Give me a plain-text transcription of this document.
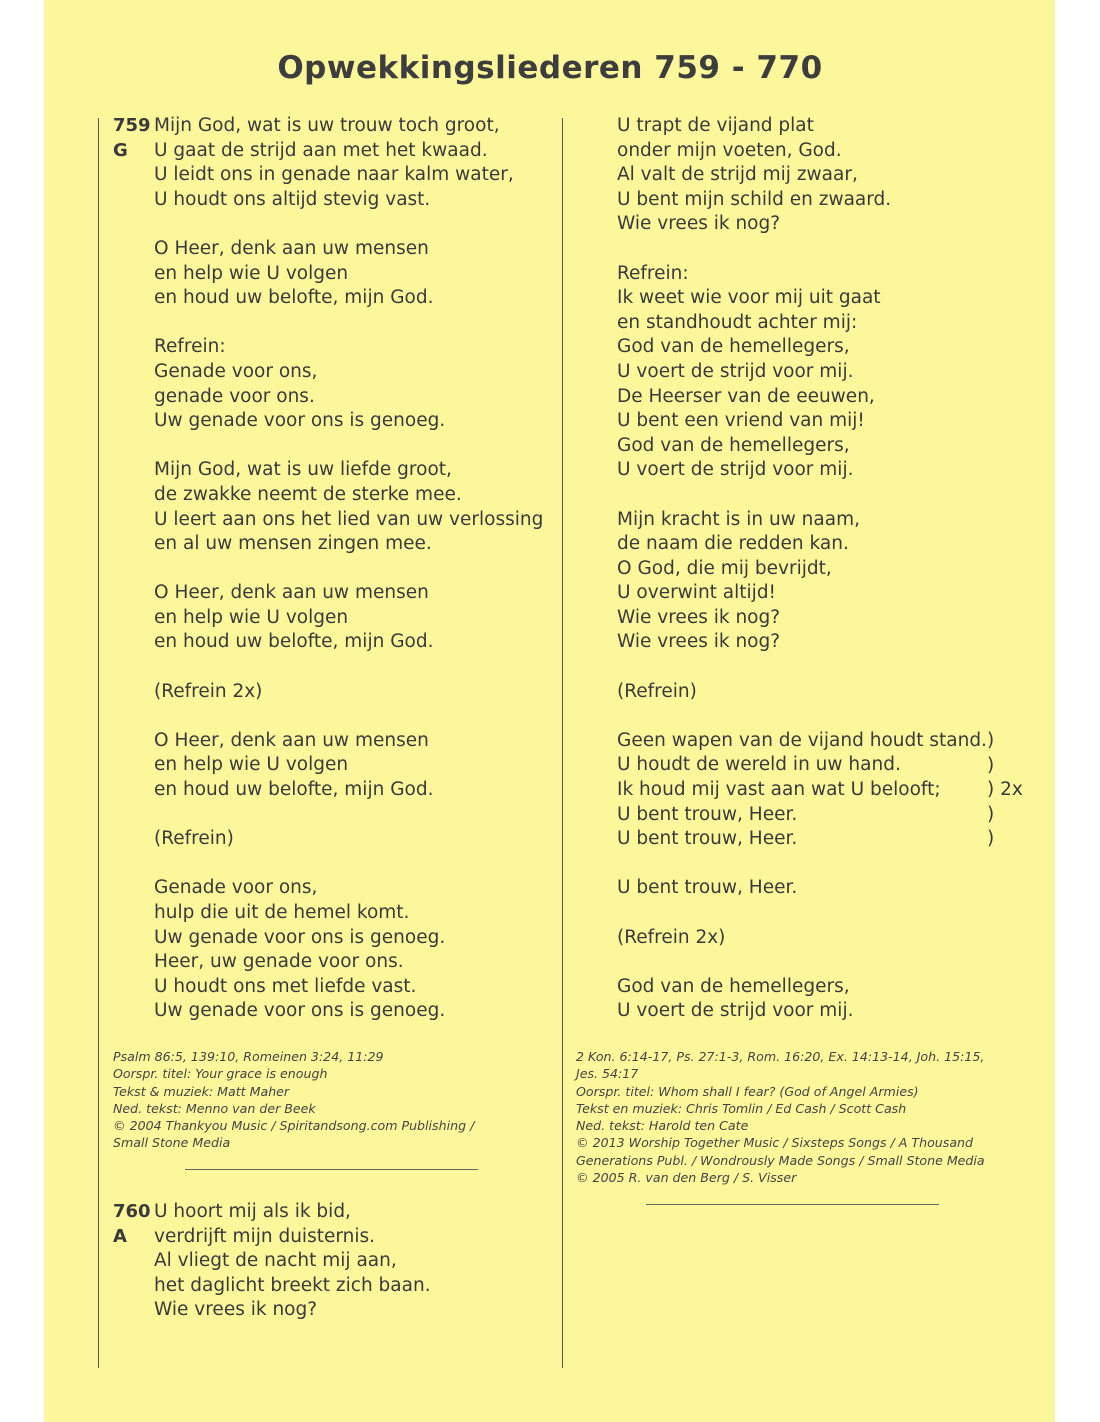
Opwekkingsliederen 759 - 770
759
G
Mijn God, wat is uw trouw toch groot,
U gaat de strijd aan met het kwaad.
U leidt ons in genade naar kalm water,
U houdt ons altijd stevig vast.
O Heer, denk aan uw mensen
en help wie U volgen
en houd uw belofte, mijn God.
Refrein:
Genade voor ons,
genade voor ons.
Uw genade voor ons is genoeg.
Mijn God, wat is uw liefde groot,
de zwakke neemt de sterke mee.
U leert aan ons het lied van uw verlossing
en al uw mensen zingen mee.
O Heer, denk aan uw mensen
en help wie U volgen
en houd uw belofte, mijn God.
(Refrein 2x)
O Heer, denk aan uw mensen
en help wie U volgen
en houd uw belofte, mijn God.
(Refrein)
Genade voor ons,
hulp die uit de hemel komt.
Uw genade voor ons is genoeg.
Heer, uw genade voor ons.
U houdt ons met liefde vast.
Uw genade voor ons is genoeg.
Psalm 86:5, 139:10, Romeinen 3:24, 11:29
Oorspr. titel: Your grace is enough
Tekst & muziek: Matt Maher
Ned. tekst: Menno van der Beek
© 2004 Thankyou Music / Spiritandsong.com Publishing /
Small Stone Media
760
A
U hoort mij als ik bid,
verdrijft mijn duisternis.
Al vliegt de nacht mij aan,
het daglicht breekt zich baan.
Wie vrees ik nog?
U trapt de vijand plat
onder mijn voeten, God.
Al valt de strijd mij zwaar,
U bent mijn schild en zwaard.
Wie vrees ik nog?
Refrein:
Ik weet wie voor mij uit gaat
en standhoudt achter mij:
God van de hemellegers,
U voert de strijd voor mij.
De Heerser van de eeuwen,
U bent een vriend van mij!
God van de hemellegers,
U voert de strijd voor mij.
Mijn kracht is in uw naam,
de naam die redden kan.
O God, die mij bevrijdt,
U overwint altijd!
Wie vrees ik nog?
Wie vrees ik nog?
(Refrein)
Geen wapen van de vijand houdt stand.
U houdt de wereld in uw hand.
Ik houd mij vast aan wat U belooft;
U bent trouw, Heer.
U bent trouw, Heer.
U bent trouw, Heer.
(Refrein 2x)
God van de hemellegers,
U voert de strijd voor mij.
)
)
) 2x
)
)
2 Kon. 6:14-17, Ps. 27:1-3, Rom. 16:20, Ex. 14:13-14, Joh. 15:15,
Jes. 54:17
Oorspr. titel: Whom shall I fear? (God of Angel Armies)
Tekst en muziek: Chris Tomlin / Ed Cash / Scott Cash
Ned. tekst: Harold ten Cate
© 2013 Worship Together Music / Sixsteps Songs / A Thousand
Generations Publ. / Wondrously Made Songs / Small Stone Media
© 2005 R. van den Berg / S. Visser
